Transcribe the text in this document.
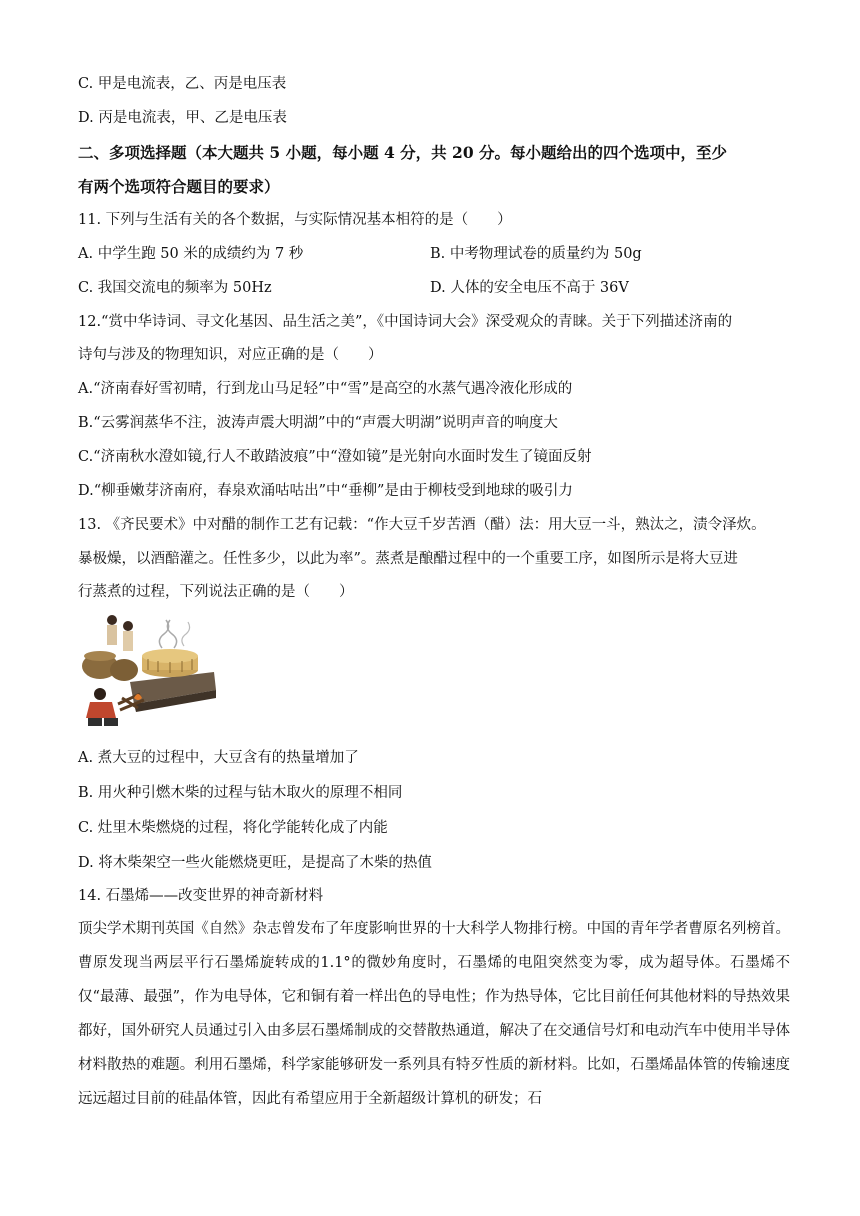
C. 甲是电流表，乙、丙是电压表
D. 丙是电流表，甲、乙是电压表
二、多项选择题（本大题共 5 小题，每小题 4 分，共 20 分。每小题给出的四个选项中，至少
有两个选项符合题目的要求）
11. 下列与生活有关的各个数据，与实际情况基本相符的是（　　）
A. 中学生跑 50 米的成绩约为 7 秒	B. 中考物理试卷的质量约为 50g
C. 我国交流电的频率为 50Hz	D. 人体的安全电压不高于 36V
12.“赏中华诗词、寻文化基因、品生活之美”，《中国诗词大会》深受观众的青睐。关于下列描述济南的
诗句与涉及的物理知识，对应正确的是（　　）
A.“济南春好雪初晴，行到龙山马足轻”中“雪”是高空的水蒸气遇冷液化形成的
B.“云雾润蒸华不注，波涛声震大明湖”中的“声震大明湖”说明声音的响度大
C.“济南秋水澄如镜,行人不敢踏波痕”中“澄如镜”是光射向水面时发生了镜面反射
D.“柳垂嫩芽济南府，春泉欢涌咕咕出”中“垂柳”是由于柳枝受到地球的吸引力
13. 《齐民要术》中对醋的制作工艺有记载：“作大豆千岁苦酒（醋）法：用大豆一斗，熟汰之，渍令泽炊。
暴极燥，以酒醅灌之。任性多少，以此为率”。蒸煮是酿醋过程中的一个重要工序，如图所示是将大豆进
行蒸煮的过程，下列说法正确的是（　　）
A. 煮大豆的过程中，大豆含有的热量增加了
B. 用火种引燃木柴的过程与钻木取火的原理不相同
C. 灶里木柴燃烧的过程，将化学能转化成了内能
D. 将木柴架空一些火能燃烧更旺，是提高了木柴的热值
14. 石墨烯——改变世界的神奇新材料
顶尖学术期刊英国《自然》杂志曾发布了年度影响世界的十大科学人物排行榜。中国的青年学者曹原名列榜首。曹原发现当两层平行石墨烯旋转成的1.1°的微妙角度时，石墨烯的电阻突然变为零，成为超导体。石墨烯不仅“最薄、最强”，作为电导体，它和铜有着一样出色的导电性；作为热导体，它比目前任何其他材料的导热效果都好，国外研究人员通过引入由多层石墨烯制成的交替散热通道，解决了在交通信号灯和电动汽车中使用半导体材料散热的难题。利用石墨烯，科学家能够研发一系列具有特歹性质的新材料。比如，石墨烯晶体管的传输速度远远超过目前的硅晶体管，因此有希望应用于全新超级计算机的研发；石
